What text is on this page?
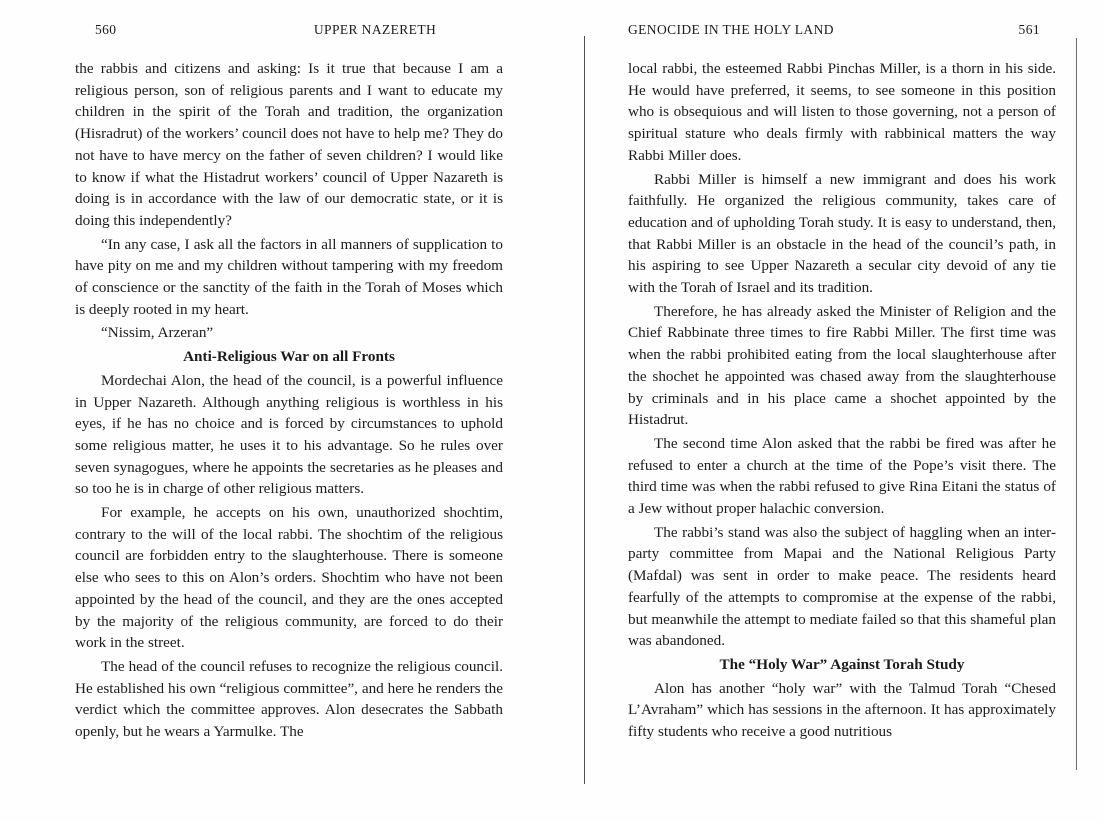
560	UPPER NAZERETH

the rabbis and citizens and asking: Is it true that because I am a religious person, son of religious parents and I want to educate my children in the spirit of the Torah and tradition, the organization (Hisradrut) of the workers’ council does not have to help me? They do not have to have mercy on the father of seven children? I would like to know if what the Histadrut workers’ council of Upper Nazareth is doing is in accordance with the law of our democratic state, or it is doing this independently?

“In any case, I ask all the factors in all manners of supplication to have pity on me and my children without tampering with my freedom of conscience or the sanctity of the faith in the Torah of Moses which is deeply rooted in my heart.

“Nissim, Arzeran”

Anti-Religious War on all Fronts

Mordechai Alon, the head of the council, is a powerful influence in Upper Nazareth. Although anything religious is worthless in his eyes, if he has no choice and is forced by circumstances to uphold some religious matter, he uses it to his advantage. So he rules over seven synagogues, where he appoints the secretaries as he pleases and so too he is in charge of other religious matters.

For example, he accepts on his own, unauthorized shochtim, contrary to the will of the local rabbi. The shochtim of the religious council are forbidden entry to the slaughterhouse. There is someone else who sees to this on Alon’s orders. Shochtim who have not been appointed by the head of the council, and they are the ones accepted by the majority of the religious community, are forced to do their work in the street.

The head of the council refuses to recognize the religious council. He established his own “religious committee”, and here he renders the verdict which the committee approves. Alon desecrates the Sabbath openly, but he wears a Yarmulke. The

GENOCIDE IN THE HOLY LAND	561

local rabbi, the esteemed Rabbi Pinchas Miller, is a thorn in his side. He would have preferred, it seems, to see someone in this position who is obsequious and will listen to those governing, not a person of spiritual stature who deals firmly with rabbinical matters the way Rabbi Miller does.

Rabbi Miller is himself a new immigrant and does his work faithfully. He organized the religious community, takes care of education and of upholding Torah study. It is easy to understand, then, that Rabbi Miller is an obstacle in the head of the council’s path, in his aspiring to see Upper Nazareth a secular city devoid of any tie with the Torah of Israel and its tradition.

Therefore, he has already asked the Minister of Religion and the Chief Rabbinate three times to fire Rabbi Miller. The first time was when the rabbi prohibited eating from the local slaughterhouse after the shochet he appointed was chased away from the slaughterhouse by criminals and in his place came a shochet appointed by the Histadrut.

The second time Alon asked that the rabbi be fired was after he refused to enter a church at the time of the Pope’s visit there. The third time was when the rabbi refused to give Rina Eitani the status of a Jew without proper halachic conversion.

The rabbi’s stand was also the subject of haggling when an inter-party committee from Mapai and the National Religious Party (Mafdal) was sent in order to make peace. The residents heard fearfully of the attempts to compromise at the expense of the rabbi, but meanwhile the attempt to mediate failed so that this shameful plan was abandoned.

The “Holy War” Against Torah Study

Alon has another “holy war” with the Talmud Torah “Chesed L’Avraham” which has sessions in the afternoon. It has approximately fifty students who receive a good nutritious
